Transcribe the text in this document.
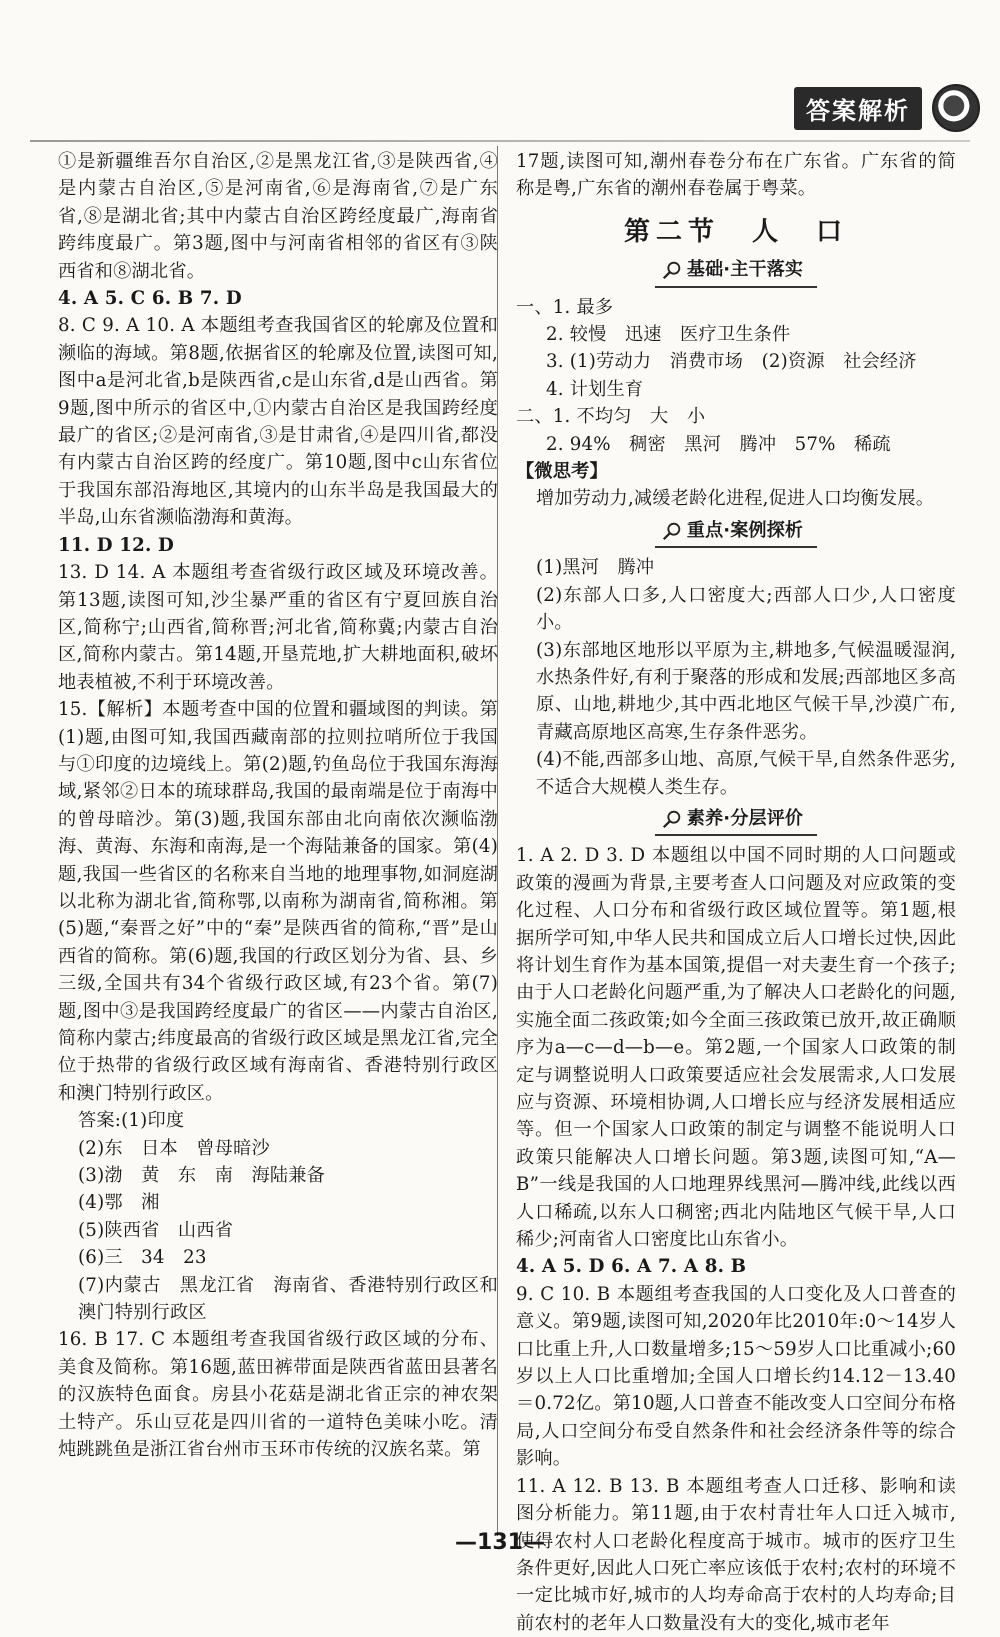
答案解析

①是新疆维吾尔自治区,②是黑龙江省,③是陕西省,④是内蒙古自治区,⑤是河南省,⑥是海南省,⑦是广东省,⑧是湖北省;其中内蒙古自治区跨经度最广,海南省跨纬度最广。第3题,图中与河南省相邻的省区有③陕西省和⑧湖北省。

4. A 5. C 6. B 7. D

8. C 9. A 10. A 本题组考查我国省区的轮廓及位置和濒临的海域。第8题,依据省区的轮廓及位置,读图可知,图中a是河北省,b是陕西省,c是山东省,d是山西省。第9题,图中所示的省区中,①内蒙古自治区是我国跨经度最广的省区;②是河南省,③是甘肃省,④是四川省,都没有内蒙古自治区跨的经度广。第10题,图中c山东省位于我国东部沿海地区,其境内的山东半岛是我国最大的半岛,山东省濒临渤海和黄海。

11. D 12. D

13. D 14. A 本题组考查省级行政区域及环境改善。第13题,读图可知,沙尘暴严重的省区有宁夏回族自治区,简称宁;山西省,简称晋;河北省,简称冀;内蒙古自治区,简称内蒙古。第14题,开垦荒地,扩大耕地面积,破坏地表植被,不利于环境改善。

15.【解析】本题考查中国的位置和疆域图的判读。第(1)题,由图可知,我国西藏南部的拉则拉哨所位于我国与①印度的边境线上。第(2)题,钓鱼岛位于我国东海海域,紧邻②日本的琉球群岛,我国的最南端是位于南海中的曾母暗沙。第(3)题,我国东部由北向南依次濒临渤海、黄海、东海和南海,是一个海陆兼备的国家。第(4)题,我国一些省区的名称来自当地的地理事物,如洞庭湖以北称为湖北省,简称鄂,以南称为湖南省,简称湘。第(5)题,“秦晋之好”中的“秦”是陕西省的简称,“晋”是山西省的简称。第(6)题,我国的行政区划分为省、县、乡三级,全国共有34个省级行政区域,有23个省。第(7)题,图中③是我国跨经度最广的省区——内蒙古自治区,简称内蒙古;纬度最高的省级行政区域是黑龙江省,完全位于热带的省级行政区域有海南省、香港特别行政区和澳门特别行政区。

答案:(1)印度

(2)东　日本　曾母暗沙

(3)渤　黄　东　南　海陆兼备

(4)鄂　湘

(5)陕西省　山西省

(6)三　34　23

(7)内蒙古　黑龙江省　海南省、香港特别行政区和澳门特别行政区

16. B 17. C 本题组考查我国省级行政区域的分布、美食及简称。第16题,蓝田裤带面是陕西省蓝田县著名的汉族特色面食。房县小花菇是湖北省正宗的神农架土特产。乐山豆花是四川省的一道特色美味小吃。清炖跳跳鱼是浙江省台州市玉环市传统的汉族名菜。第

17题,读图可知,潮州春卷分布在广东省。广东省的简称是粤,广东省的潮州春卷属于粤菜。

第二节　人　口
基础·主干落实

一、1. 最多

2. 较慢　迅速　医疗卫生条件

3. (1)劳动力　消费市场　(2)资源　社会经济

4. 计划生育

二、1. 不均匀　大　小

2. 94%　稠密　黑河　腾冲　57%　稀疏

【微思考】

增加劳动力,减缓老龄化进程,促进人口均衡发展。

重点·案例探析

(1)黑河　腾冲

(2)东部人口多,人口密度大;西部人口少,人口密度小。

(3)东部地区地形以平原为主,耕地多,气候温暖湿润,水热条件好,有利于聚落的形成和发展;西部地区多高原、山地,耕地少,其中西北地区气候干旱,沙漠广布,青藏高原地区高寒,生存条件恶劣。

(4)不能,西部多山地、高原,气候干旱,自然条件恶劣,不适合大规模人类生存。

素养·分层评价

1. A 2. D 3. D 本题组以中国不同时期的人口问题或政策的漫画为背景,主要考查人口问题及对应政策的变化过程、人口分布和省级行政区域位置等。第1题,根据所学可知,中华人民共和国成立后人口增长过快,因此将计划生育作为基本国策,提倡一对夫妻生育一个孩子;由于人口老龄化问题严重,为了解决人口老龄化的问题,实施全面二孩政策;如今全面三孩政策已放开,故正确顺序为a—c—d—b—e。第2题,一个国家人口政策的制定与调整说明人口政策要适应社会发展需求,人口发展应与资源、环境相协调,人口增长应与经济发展相适应等。但一个国家人口政策的制定与调整不能说明人口政策只能解决人口增长问题。第3题,读图可知,“A—B”一线是我国的人口地理界线黑河—腾冲线,此线以西人口稀疏,以东人口稠密;西北内陆地区气候干旱,人口稀少;河南省人口密度比山东省小。

4. A 5. D 6. A 7. A 8. B

9. C 10. B 本题组考查我国的人口变化及人口普查的意义。第9题,读图可知,2020年比2010年:0～14岁人口比重上升,人口数量增多;15～59岁人口比重减小;60岁以上人口比重增加;全国人口增长约14.12－13.40＝0.72亿。第10题,人口普查不能改变人口空间分布格局,人口空间分布受自然条件和社会经济条件等的综合影响。

11. A 12. B 13. B 本题组考查人口迁移、影响和读图分析能力。第11题,由于农村青壮年人口迁入城市,使得农村人口老龄化程度高于城市。城市的医疗卫生条件更好,因此人口死亡率应该低于农村;农村的环境不一定比城市好,城市的人均寿命高于农村的人均寿命;目前农村的老年人口数量没有大的变化,城市老年

—131—
